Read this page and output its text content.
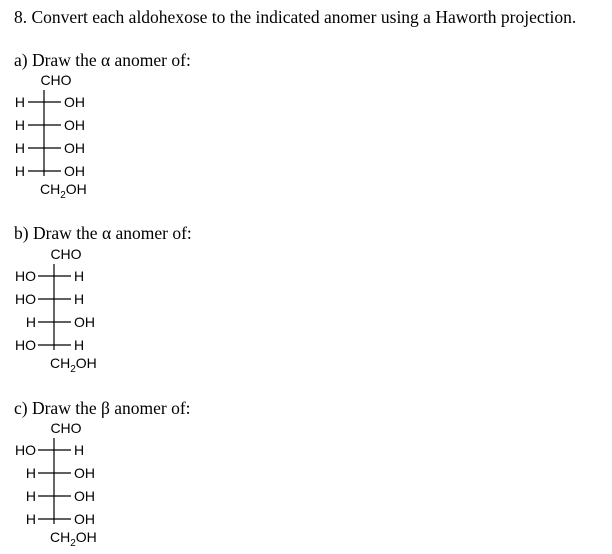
8. Convert each aldohexose to the indicated anomer using a Haworth projection.
a) Draw the α anomer of:
CHO
H	OH
H	OH
H	OH
H	OH
$CH_2OH$
b) Draw the α anomer of:
CHO
HO	H
HO	H
H	OH
HO	H
$CH_2OH$
c) Draw the β anomer of:
CHO
HO	H
H	OH
H	OH
H	OH
$CH_2OH$
